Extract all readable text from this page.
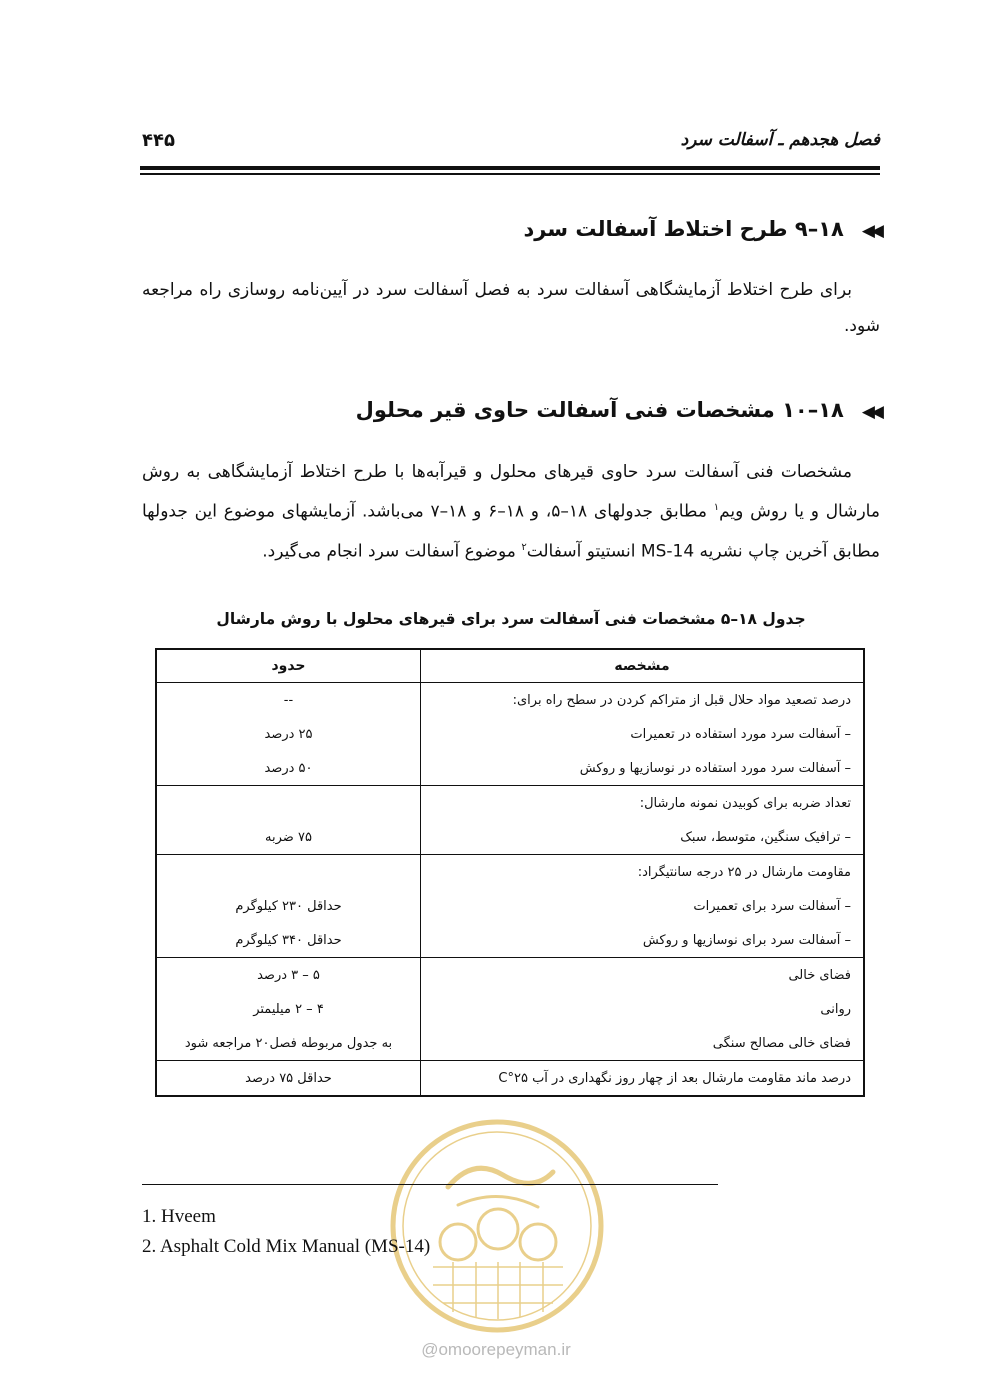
فصل هجدهم ـ آسفالت سرد
۴۴۵
◀◀۱۸–۹ طرح اختلاط آسفالت سرد

برای طرح اختلاط آزمایشگاهی آسفالت سرد به فصل آسفالت سرد در آیین‌نامه روسازی راه مراجعه شود.

◀◀۱۸–۱۰ مشخصات فنی آسفالت حاوی قیر محلول

مشخصات فنی آسفالت سرد حاوی قیرهای محلول و قیرآبه‌ها با طرح اختلاط آزمایشگاهی به روش مارشال و یا روش ویم$^۱$ مطابق جدولهای ۱۸–۵، و ۱۸–۶ و ۱۸–۷ می‌باشد. آزمایشهای موضوع این جدولها مطابق آخرین چاپ نشریه MS-14 انستیتو آسفالت$^۲$ موضوع آسفالت سرد انجام می‌گیرد.

جدول ۱۸–۵ مشخصات فنی آسفالت سرد برای قیرهای محلول با روش مارشال
مشخصه	حدود
درصد تصعید مواد حلال قبل از متراکم کردن در سطح راه برای:	--
– آسفالت سرد مورد استفاده در تعمیرات	۲۵ درصد
– آسفالت سرد مورد استفاده در نوسازیها و روکش	۵۰ درصد
تعداد ضربه برای کوبیدن نمونه مارشال:	
– ترافیک سنگین، متوسط، سبک	۷۵ ضربه
مقاومت مارشال در ۲۵ درجه سانتیگراد:	
– آسفالت سرد برای تعمیرات	حداقل ۲۳۰ کیلوگرم
– آسفالت سرد برای نوسازیها و روکش	حداقل ۳۴۰ کیلوگرم
فضای خالی	۵ – ۳ درصد
روانی	۴ – ۲ میلیمتر
فضای خالی مصالح سنگی	به جدول مربوطه فصل۲۰ مراجعه شود
درصد ماند مقاومت مارشال بعد از چهار روز نگهداری در آب ۲۵°C	حداقل ۷۵ درصد
1. Hveem
2. Asphalt Cold Mix Manual (MS-14)
@omoorepeyman.ir
